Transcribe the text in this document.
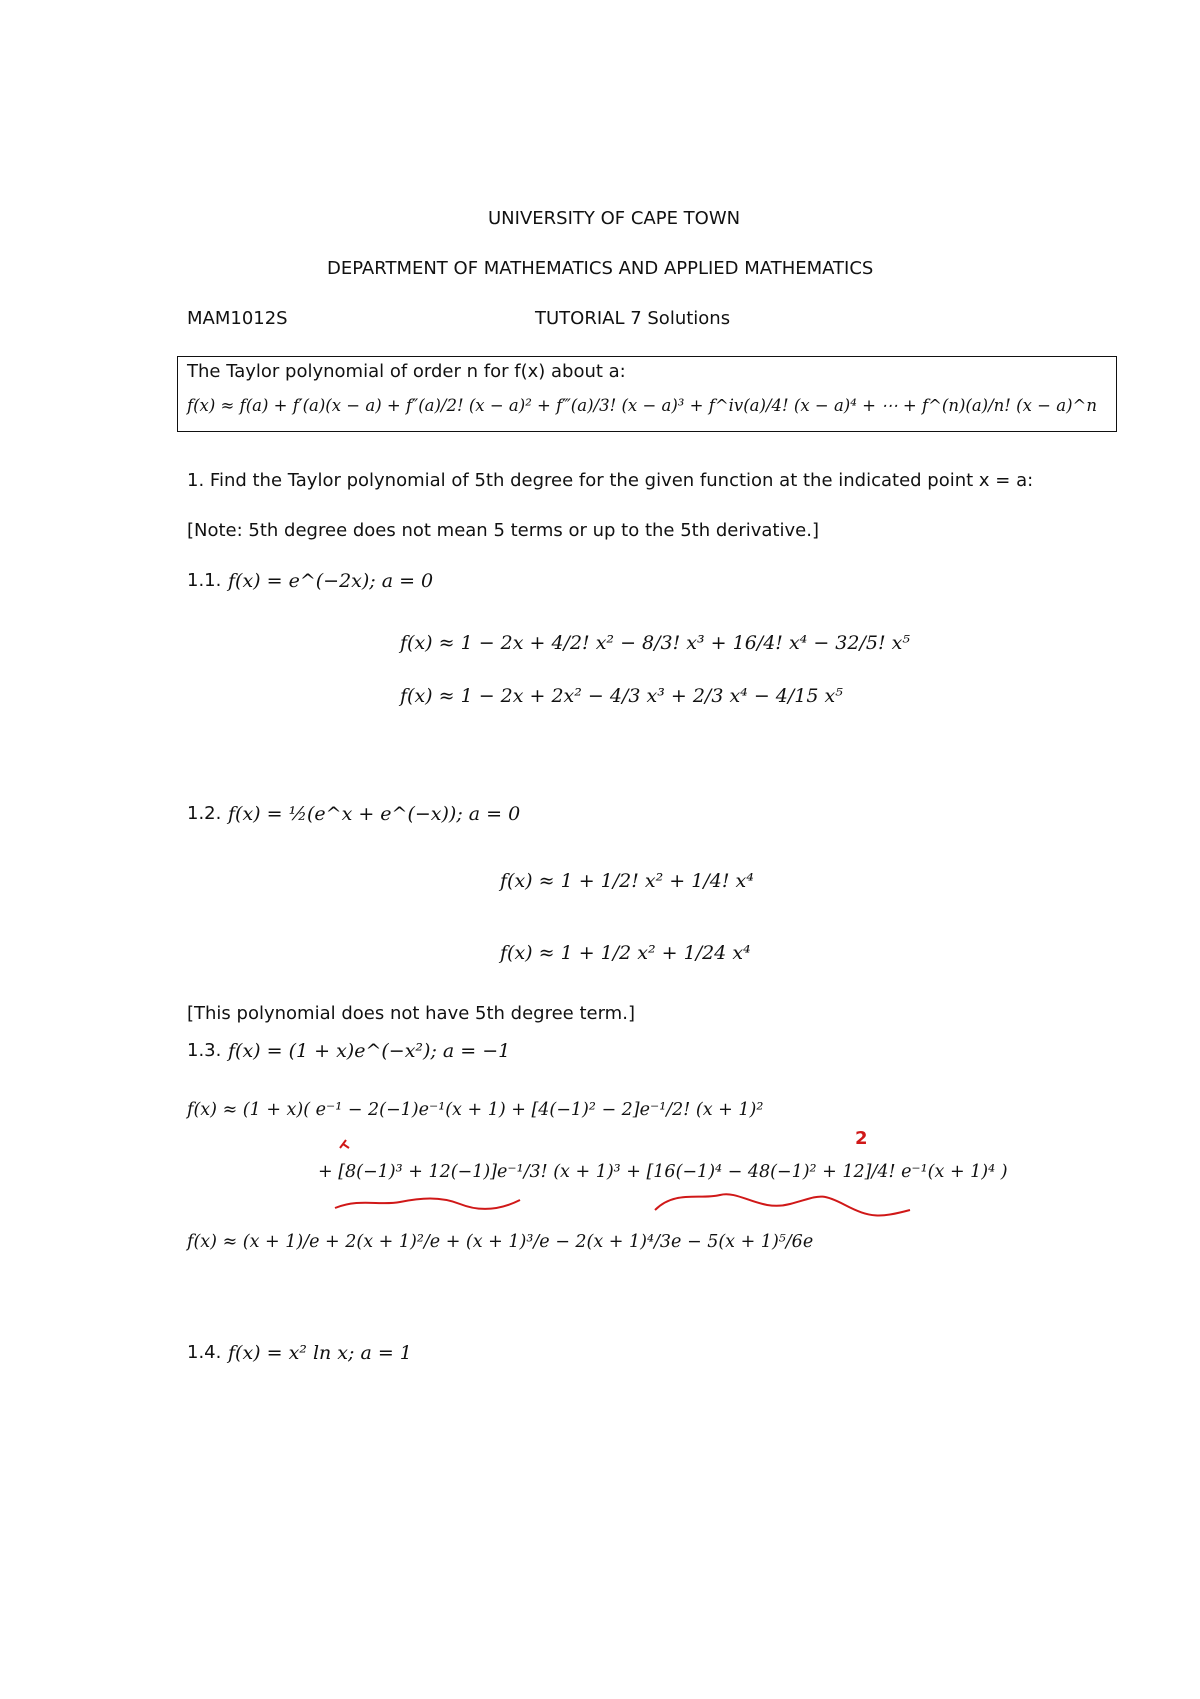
UNIVERSITY OF CAPE TOWN
DEPARTMENT OF MATHEMATICS AND APPLIED MATHEMATICS
MAM1012S	TUTORIAL 7 Solutions
The Taylor polynomial of order n for f(x) about a:
f(x) ≈ f(a) + f′(a)(x − a) + f″(a)/2! (x − a)² + f‴(a)/3! (x − a)³ + f^iv(a)/4! (x − a)⁴ + ⋯ + f^(n)(a)/n! (x − a)^n
1. Find the Taylor polynomial of 5th degree for the given function at the indicated point x = a:
[Note: 5th degree does not mean 5 terms or up to the 5th derivative.]
1.1. f(x) = e^(−2x); a = 0
f(x) ≈ 1 − 2x + 4/2! x² − 8/3! x³ + 16/4! x⁴ − 32/5! x⁵
f(x) ≈ 1 − 2x + 2x² − 4/3 x³ + 2/3 x⁴ − 4/15 x⁵
1.2. f(x) = ½(e^x + e^(−x)); a = 0
f(x) ≈ 1 + 1/2! x² + 1/4! x⁴
f(x) ≈ 1 + 1/2 x² + 1/24 x⁴
[This polynomial does not have 5th degree term.]
1.3. f(x) = (1 + x)e^(−x²); a = −1
f(x) ≈ (1 + x)( e⁻¹ − 2(−1)e⁻¹(x + 1) + [4(−1)² − 2]e⁻¹/2! (x + 1)²
+ [8(−1)³ + 12(−1)]e⁻¹/3! (x + 1)³ + [16(−1)⁴ − 48(−1)² + 12]/4! e⁻¹(x + 1)⁴ )
f(x) ≈ (x + 1)/e + 2(x + 1)²/e + (x + 1)³/e − 2(x + 1)⁴/3e − 5(x + 1)⁵/6e
2
1.4. f(x) = x² ln x; a = 1
